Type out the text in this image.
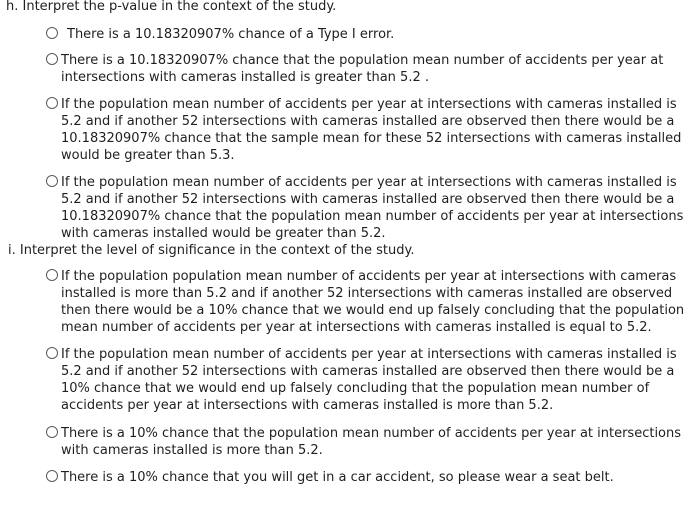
h. Interpret the p-value in the context of the study.
There is a 10.18320907% chance of a Type I error.
There is a 10.18320907% chance that the population mean number of accidents per year at intersections with cameras installed is greater than 5.2 .
If the population mean number of accidents per year at intersections with cameras installed is 5.2 and if another 52 intersections with cameras installed are observed then there would be a 10.18320907% chance that the sample mean for these 52 intersections with cameras installed would be greater than 5.3.
If the population mean number of accidents per year at intersections with cameras installed is 5.2 and if another 52 intersections with cameras installed are observed then there would be a 10.18320907% chance that the population mean number of accidents per year at intersections with cameras installed would be greater than 5.2.
i. Interpret the level of significance in the context of the study.
If the population population mean number of accidents per year at intersections with cameras installed is more than 5.2 and if another 52 intersections with cameras installed are observed then there would be a 10% chance that we would end up falsely concluding that the population mean number of accidents per year at intersections with cameras installed is equal to 5.2.
If the population mean number of accidents per year at intersections with cameras installed is 5.2 and if another 52 intersections with cameras installed are observed then there would be a 10% chance that we would end up falsely concluding that the population mean number of accidents per year at intersections with cameras installed is more than 5.2.
There is a 10% chance that the population mean number of accidents per year at intersections with cameras installed is more than 5.2.
There is a 10% chance that you will get in a car accident, so please wear a seat belt.
